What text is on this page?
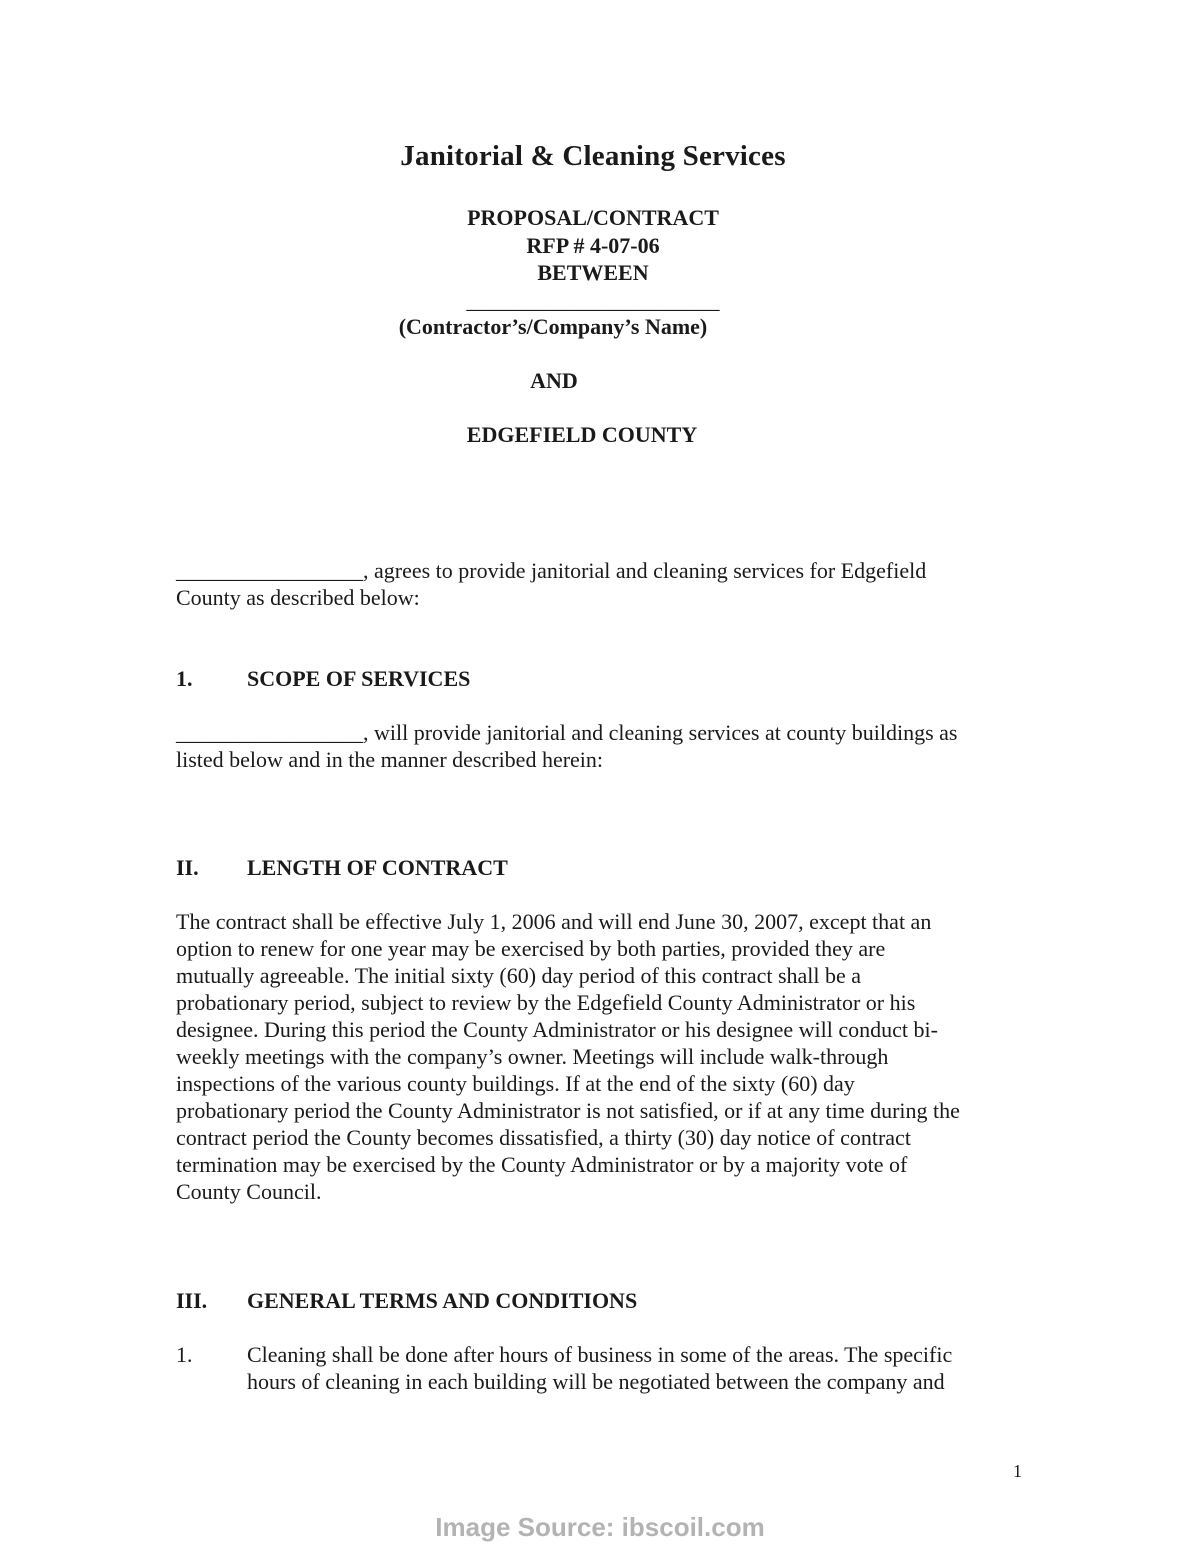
Janitorial & Cleaning Services
PROPOSAL/CONTRACT
RFP # 4-07-06
BETWEEN
_______________________
(Contractor’s/Company’s Name)
AND
EDGEFIELD COUNTY
_________________, agrees to provide janitorial and cleaning services for Edgefield
County as described below:
1. SCOPE OF SERVICES
_________________, will provide janitorial and cleaning services at county buildings as
listed below and in the manner described herein:
II. LENGTH OF CONTRACT
The contract shall be effective July 1, 2006 and will end June 30, 2007, except that an
option to renew for one year may be exercised by both parties, provided they are
mutually agreeable. The initial sixty (60) day period of this contract shall be a
probationary period, subject to review by the Edgefield County Administrator or his
designee. During this period the County Administrator or his designee will conduct bi-
weekly meetings with the company’s owner. Meetings will include walk-through
inspections of the various county buildings. If at the end of the sixty (60) day
probationary period the County Administrator is not satisfied, or if at any time during the
contract period the County becomes dissatisfied, a thirty (30) day notice of contract
termination may be exercised by the County Administrator or by a majority vote of
County Council.
III. GENERAL TERMS AND CONDITIONS
1. Cleaning shall be done after hours of business in some of the areas. The specific
hours of cleaning in each building will be negotiated between the company and
1
Image Source: ibscoil.com
